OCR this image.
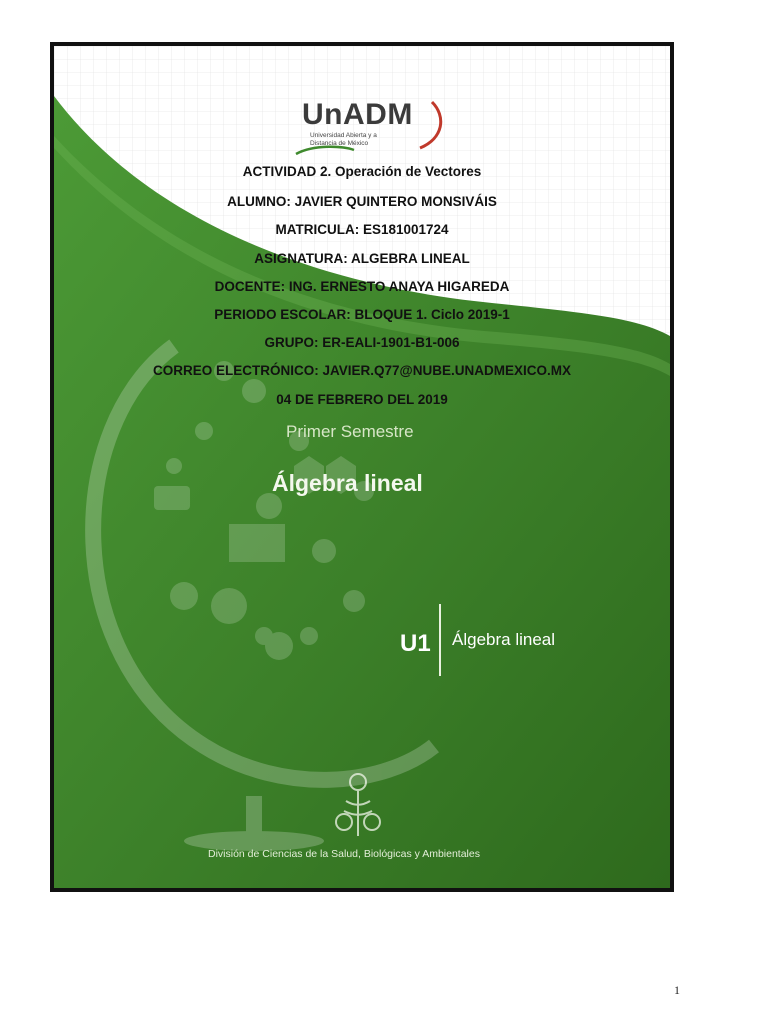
UnADM
Universidad Abierta y a
Distancia de México
ACTIVIDAD 2. Operación de Vectores
ALUMNO: JAVIER QUINTERO MONSIVÁIS
MATRICULA: ES181001724
ASIGNATURA: ALGEBRA LINEAL
DOCENTE: ING. ERNESTO ANAYA HIGAREDA
PERIODO ESCOLAR: BLOQUE 1. Ciclo 2019-1
GRUPO: ER-EALI-1901-B1-006
CORREO ELECTRÓNICO: JAVIER.Q77@NUBE.UNADMEXICO.MX
04 DE FEBRERO DEL 2019
Primer Semestre
Álgebra lineal
U1 Álgebra lineal
División de Ciencias de la Salud, Biológicas y Ambientales
1
